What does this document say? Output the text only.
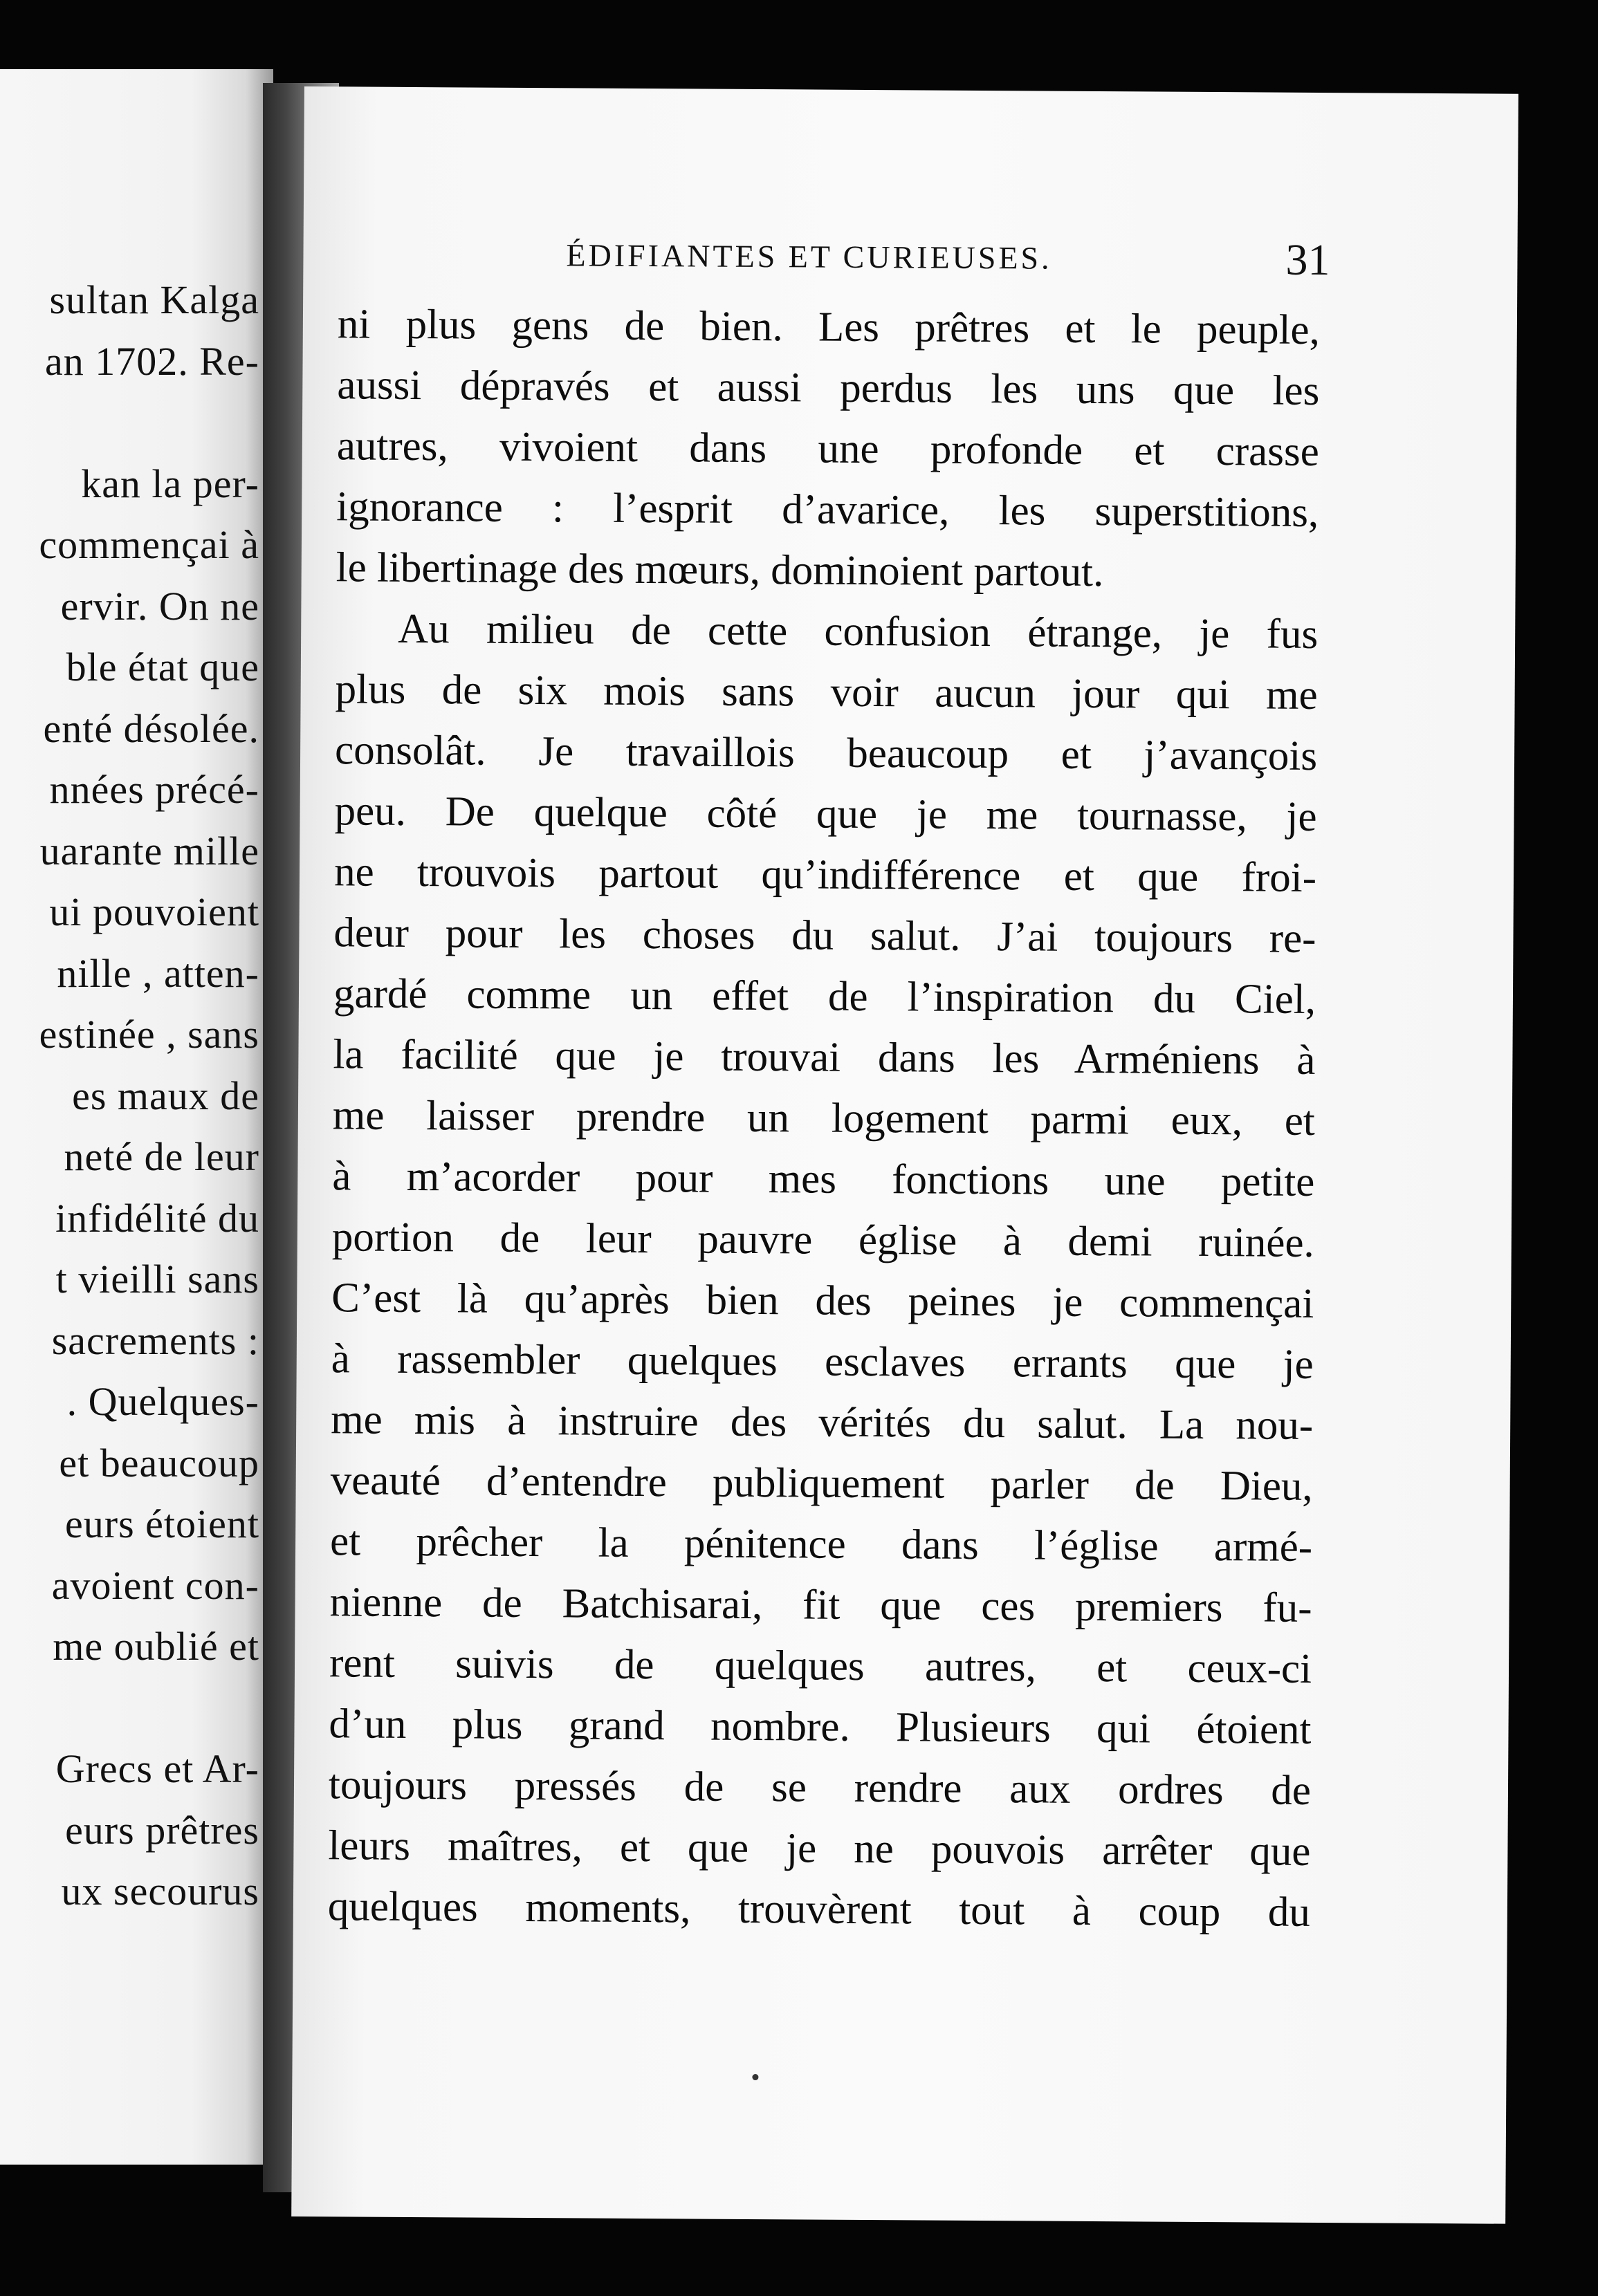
sultan Kalga
an 1702. Re-
kan la per-
commençai à
ervir. On ne
ble état que
enté désolée.
nnées précé-
uarante mille
ui pouvoient
nille , atten-
estinée , sans
es maux de
neté de leur
infidélité du
t vieilli sans
sacrements :
. Quelques-
et beaucoup
eurs étoient
avoient con-
me oublié et
Grecs et Ar-
eurs prêtres
ux secourus
ÉDIFIANTES ET CURIEUSES.	31
ni plus gens de bien. Les prêtres et le peuple,
aussi dépravés et aussi perdus les uns que les
autres, vivoient dans une profonde et crasse
ignorance : l’esprit d’avarice, les superstitions,
le libertinage des mœurs, dominoient partout.
Au milieu de cette confusion étrange, je fus
plus de six mois sans voir aucun jour qui me
consolât. Je travaillois beaucoup et j’avançois
peu. De quelque côté que je me tournasse, je
ne trouvois partout qu’indifférence et que froi-
deur pour les choses du salut. J’ai toujours re-
gardé comme un effet de l’inspiration du Ciel,
la facilité que je trouvai dans les Arméniens à
me laisser prendre un logement parmi eux, et
à m’acorder pour mes fonctions une petite
portion de leur pauvre église à demi ruinée.
C’est là qu’après bien des peines je commençai
à rassembler quelques esclaves errants que je
me mis à instruire des vérités du salut. La nou-
veauté d’entendre publiquement parler de Dieu,
et prêcher la pénitence dans l’église armé-
nienne de Batchisarai, fit que ces premiers fu-
rent suivis de quelques autres, et ceux-ci
d’un plus grand nombre. Plusieurs qui étoient
toujours pressés de se rendre aux ordres de
leurs maîtres, et que je ne pouvois arrêter que
quelques moments, trouvèrent tout à coup du
